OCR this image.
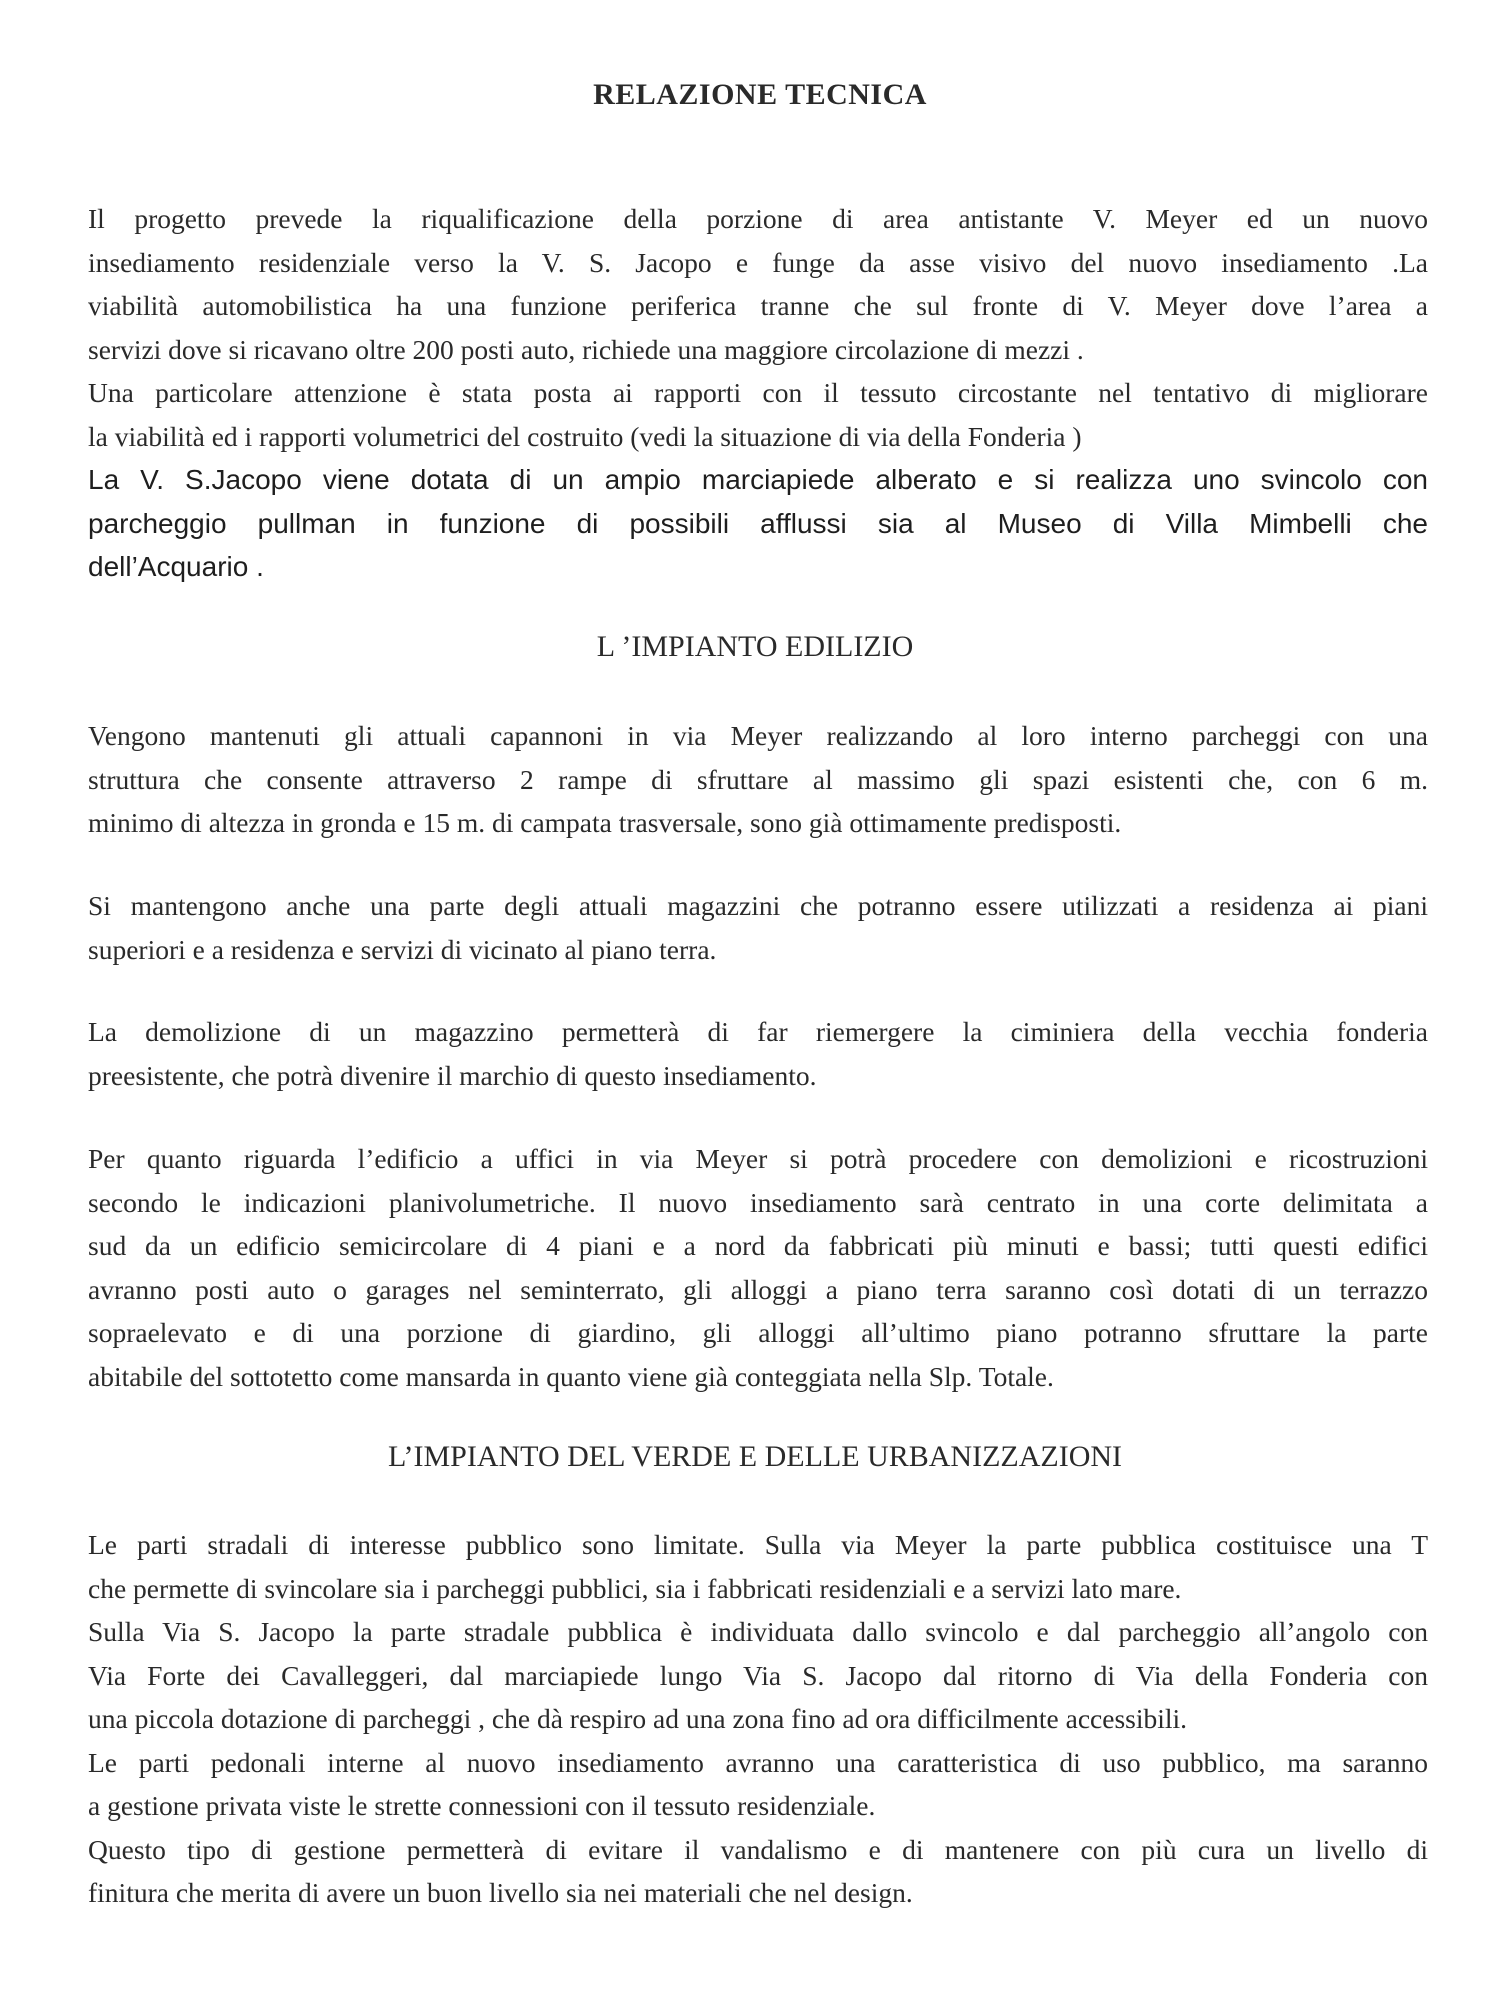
RELAZIONE TECNICA

Il progetto prevede la riqualificazione della porzione di area antistante V. Meyer ed un nuovo
insediamento residenziale verso la V. S. Jacopo e funge da asse visivo del nuovo insediamento .La
viabilità automobilistica ha una funzione periferica tranne che sul fronte di V. Meyer dove l’area a
servizi dove si ricavano oltre 200 posti auto, richiede una maggiore circolazione di mezzi .
Una particolare attenzione è stata posta ai rapporti con il tessuto circostante nel tentativo di migliorare
la viabilità ed i rapporti volumetrici del costruito (vedi la situazione di via della Fonderia )
La V. S.Jacopo viene dotata di un ampio marciapiede alberato e si realizza uno svincolo con
parcheggio pullman in funzione di possibili afflussi sia al Museo di Villa Mimbelli che
dell’Acquario .

L ’IMPIANTO EDILIZIO

Vengono mantenuti gli attuali capannoni in via Meyer realizzando al loro interno parcheggi con una
struttura che consente attraverso 2 rampe di sfruttare al massimo gli spazi esistenti che, con 6 m.
minimo di altezza in gronda e 15 m. di campata trasversale, sono già ottimamente predisposti.

Si mantengono anche una parte degli attuali magazzini che potranno essere utilizzati a residenza ai piani
superiori e a residenza e servizi di vicinato al piano terra.

La demolizione di un magazzino permetterà di far riemergere la ciminiera della vecchia fonderia
preesistente, che potrà divenire il marchio di questo insediamento.

Per quanto riguarda l’edificio a uffici in via Meyer si potrà procedere con demolizioni e ricostruzioni
secondo le indicazioni planivolumetriche. Il nuovo insediamento sarà centrato in una corte delimitata a
sud da un edificio semicircolare di 4 piani e a nord da fabbricati più minuti e bassi; tutti questi edifici
avranno posti auto o garages nel seminterrato, gli alloggi a piano terra saranno così dotati di un terrazzo
sopraelevato e di una porzione di giardino, gli alloggi all’ultimo piano potranno sfruttare la parte
abitabile del sottotetto come mansarda in quanto viene già conteggiata nella Slp. Totale.

L’IMPIANTO DEL VERDE E DELLE URBANIZZAZIONI

Le parti stradali di interesse pubblico sono limitate. Sulla via Meyer la parte pubblica costituisce una T
che permette di svincolare sia i parcheggi pubblici, sia i fabbricati residenziali e a servizi lato mare.
Sulla Via S. Jacopo la parte stradale pubblica è individuata dallo svincolo e dal parcheggio all’angolo con
Via Forte dei Cavalleggeri, dal marciapiede lungo Via S. Jacopo dal ritorno di Via della Fonderia con
una piccola dotazione di parcheggi , che dà respiro ad una zona fino ad ora difficilmente accessibili.
Le parti pedonali interne al nuovo insediamento avranno una caratteristica di uso pubblico, ma saranno
a gestione privata viste le strette connessioni con il tessuto residenziale.
Questo tipo di gestione permetterà di evitare il vandalismo e di mantenere con più cura un livello di
finitura che merita di avere un buon livello sia nei materiali che nel design.
